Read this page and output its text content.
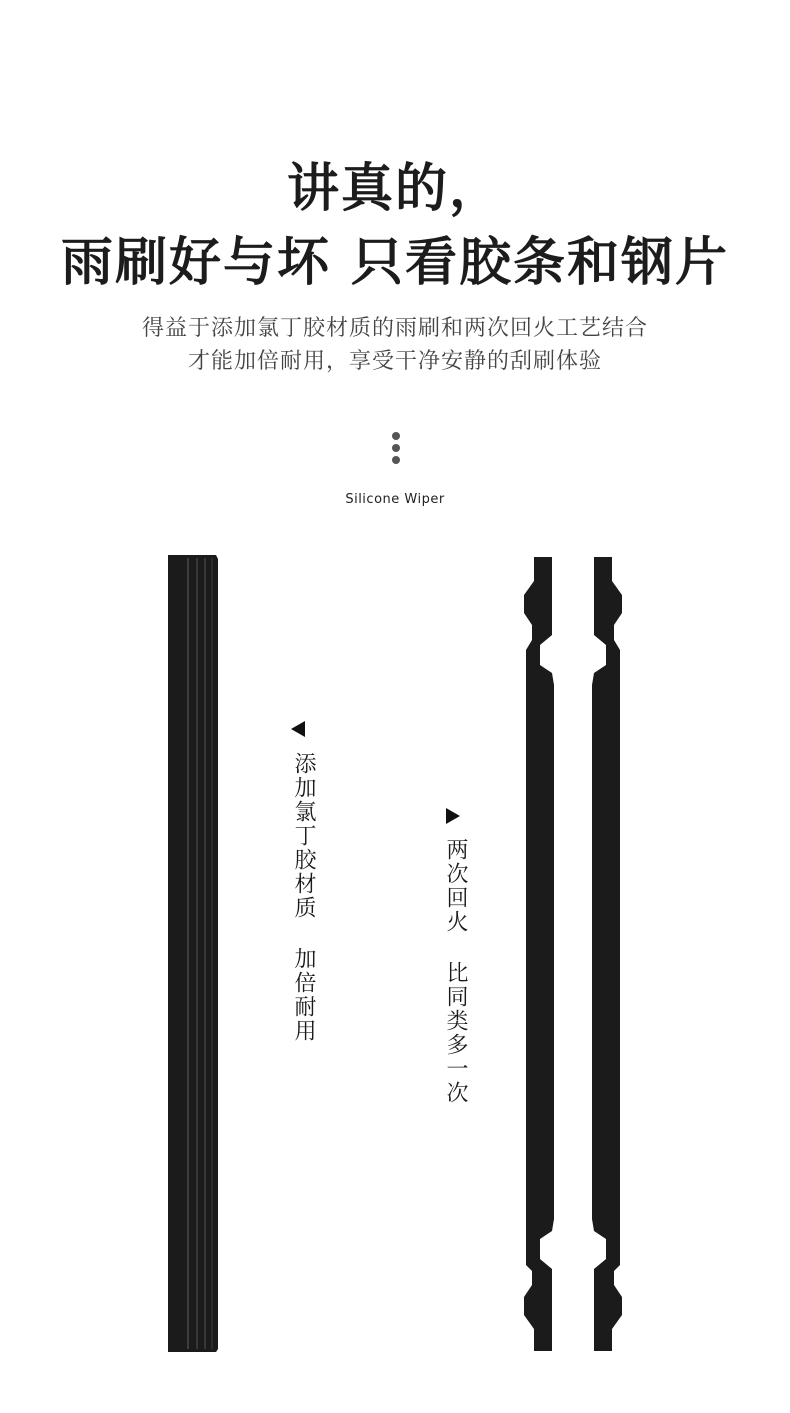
讲真的，
雨刷好与坏 只看胶条和钢片

得益于添加氯丁胶材质的雨刷和两次回火工艺结合

才能加倍耐用，享受干净安静的刮刷体验

Silicone Wiper
添加氯丁胶材质 加倍耐用	两次回火 比同类多一次
